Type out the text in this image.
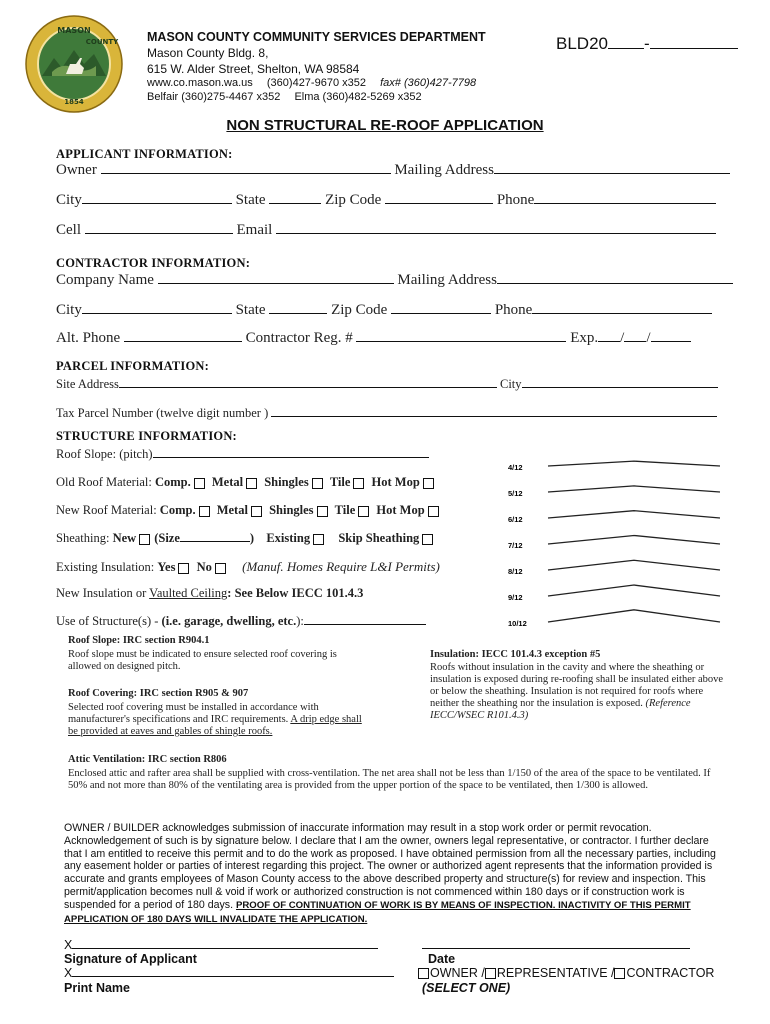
MASON
COUNTY
1854
MASON COUNTY COMMUNITY SERVICES DEPARTMENT
Mason County Bldg. 8,
615 W. Alder Street, Shelton, WA 98584
www.co.mason.wa.us (360)427-9670 x352 fax# (360)427-7798
Belfair (360)275-4467 x352 Elma (360)482-5269 x352
BLD20 -
NON STRUCTURAL RE-ROOF APPLICATION
APPLICANT INFORMATION:
Owner	Mailing Address
City	State	Zip Code	Phone
Cell	Email
CONTRACTOR INFORMATION:
Company Name	Mailing Address
City	State	Zip Code	Phone
Alt. Phone	Contractor Reg. #	Exp. / /
PARCEL INFORMATION:
Site Address	City
Tax Parcel Number (twelve digit number )
STRUCTURE INFORMATION:
Roof Slope: (pitch)
Old Roof Material: Comp. Metal Shingles Tile Hot Mop
New Roof Material: Comp. Metal Shingles Tile Hot Mop
Sheathing: New (Size	) Existing Skip Sheathing
Existing Insulation: Yes No (Manuf. Homes Require L&I Permits)
New Insulation or Vaulted Ceiling: See Below IECC 101.4.3
Use of Structure(s) - (i.e. garage, dwelling, etc.):
4/12
5/12
6/12
7/12
8/12
9/12
10/12
Roof Slope: IRC section R904.1
Roof slope must be indicated to ensure selected roof covering is allowed on designed pitch.
Roof Covering: IRC section R905 & 907
Selected roof covering must be installed in accordance with manufacturer's specifications and IRC requirements. A drip edge shall be provided at eaves and gables of shingle roofs.
Insulation: IECC 101.4.3 exception #5
Roofs without insulation in the cavity and where the sheathing or insulation is exposed during re-roofing shall be insulated either above or below the sheathing. Insulation is not required for roofs where neither the sheathing nor the insulation is exposed. (Reference IECC/WSEC R101.4.3)
Attic Ventilation: IRC section R806
Enclosed attic and rafter area shall be supplied with cross-ventilation. The net area shall not be less than 1/150 of the area of the space to be ventilated. If 50% and not more than 80% of the ventilating area is provided from the upper portion of the space to be ventilated, then 1/300 is allowed.
OWNER / BUILDER acknowledges submission of inaccurate information may result in a stop work order or permit revocation. Acknowledgement of such is by signature below. I declare that I am the owner, owners legal representative, or contractor. I further declare that I am entitled to receive this permit and to do the work as proposed. I have obtained permission from all the necessary parties, including any easement holder or parties of interest regarding this project. The owner or authorized agent represents that the information provided is accurate and grants employees of Mason County access to the above described property and structure(s) for review and inspection. This permit/application becomes null & void if work or authorized construction is not commenced within 180 days or if construction work is suspended for a period of 180 days. PROOF OF CONTINUATION OF WORK IS BY MEANS OF INSPECTION. INACTIVITY OF THIS PERMIT APPLICATION OF 180 DAYS WILL INVALIDATE THE APPLICATION.
X
Signature of Applicant
X
Print Name
Date
OWNER / REPRESENTATIVE / CONTRACTOR
(SELECT ONE)
